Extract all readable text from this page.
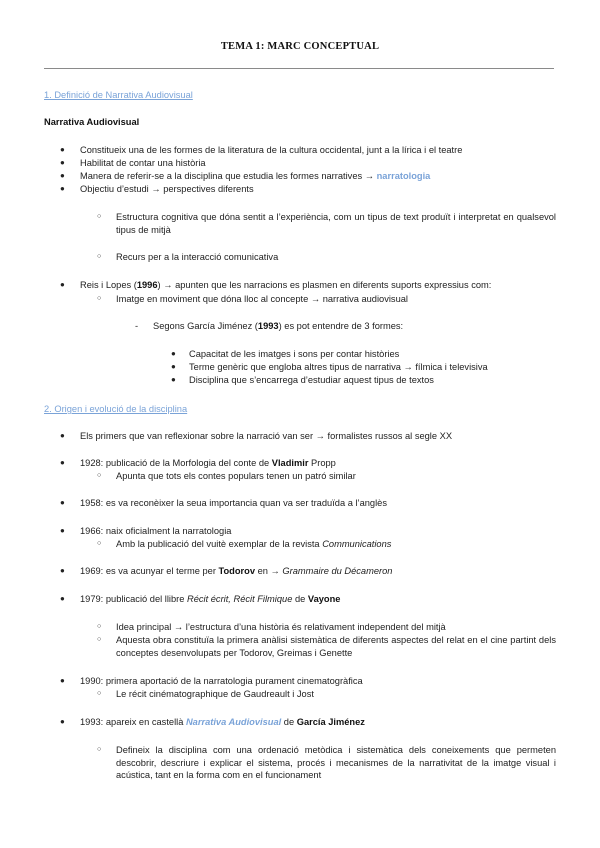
TEMA 1: MARC CONCEPTUAL
1. Definició de Narrativa Audiovisual
Narrativa Audiovisual
● Constitueix una de les formes de la literatura de la cultura occidental, junt a la lírica i el teatre
● Habilitat de contar una història
● Manera de referir-se a la disciplina que estudia les formes narratives → narratologia
● Objectiu d’estudi → perspectives diferents
○ Estructura cognitiva que dóna sentit a l’experiència, com un tipus de text produït i interpretat en qualsevol tipus de mitjà
○ Recurs per a la interacció comunicativa
● Reis i Lopes (1996) → apunten que les narracions es plasmen en diferents suports expressius com:
○ Imatge en moviment que dóna lloc al concepte → narrativa audiovisual
- Segons García Jiménez (1993) es pot entendre de 3 formes:
● Capacitat de les imatges i sons per contar històries
● Terme genèric que engloba altres tipus de narrativa → fílmica i televisiva
● Disciplina que s’encarrega d’estudiar aquest tipus de textos
2. Origen i evolució de la disciplina
● Els primers que van reflexionar sobre la narració van ser → formalistes russos al segle XX
● 1928: publicació de la Morfologia del conte de Vladimir Propp
○ Apunta que tots els contes populars tenen un patró similar
● 1958: es va reconèixer la seua importancia quan va ser traduïda a l’anglès
● 1966: naix oficialment la narratologia
○ Amb la publicació del vuitè exemplar de la revista Communications
● 1969: es va acunyar el terme per Todorov en → Grammaire du Décameron
● 1979: publicació del llibre Récit écrit, Récit Filmique de Vayone
○ Idea principal → l’estructura d’una història és relativament independent del mitjà
○ Aquesta obra constituïa la primera anàlisi sistemàtica de diferents aspectes del relat en el cine partint dels conceptes desenvolupats per Todorov, Greimas i Genette
● 1990: primera aportació de la narratologia purament cinematogràfica
○ Le récit cinématographique de Gaudreault i Jost
● 1993: apareix en castellà Narrativa Audiovisual de García Jiménez
○ Defineix la disciplina com una ordenació metòdica i sistemàtica dels coneixements que permeten descobrir, descriure i explicar el sistema, procés i mecanismes de la narrativitat de la imatge visual i acústica, tant en la forma com en el funcionament
